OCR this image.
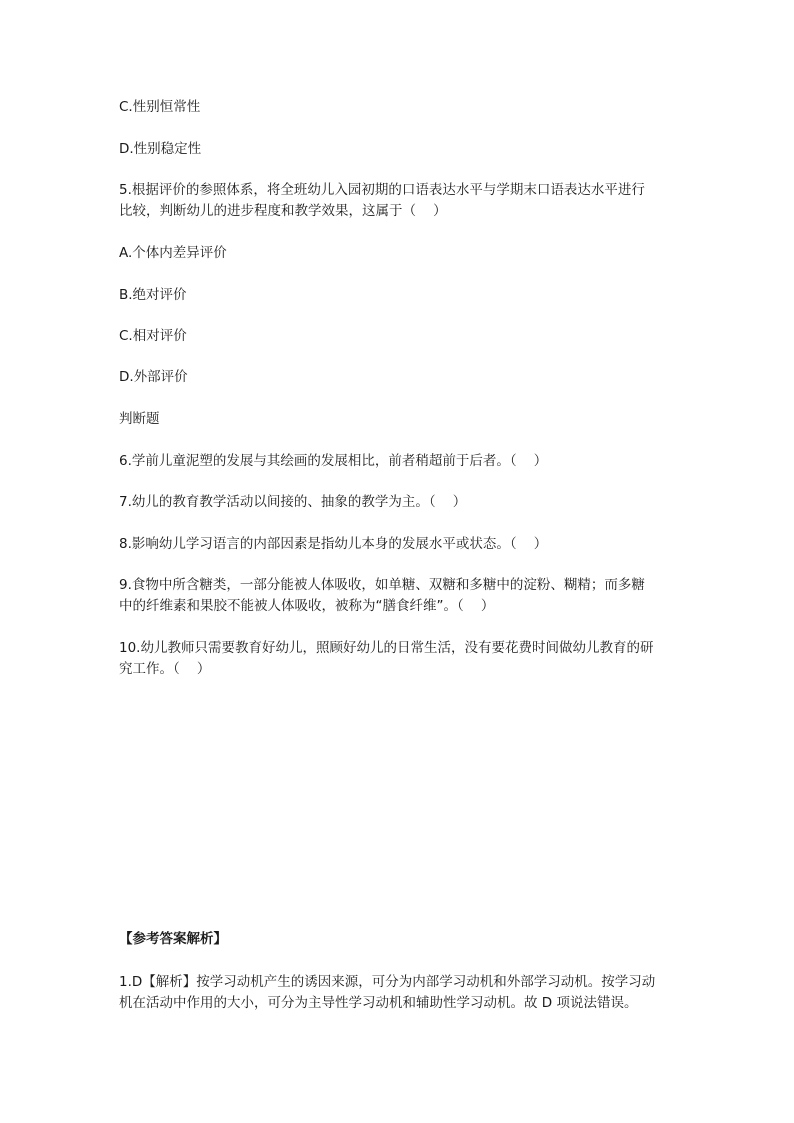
C.性别恒常性

D.性别稳定性

5.根据评价的参照体系，将全班幼儿入园初期的口语表达水平与学期末口语表达水平进行

比较，判断幼儿的进步程度和教学效果，这属于（    ）

A.个体内差异评价

B.绝对评价

C.相对评价

D.外部评价

判断题

6.学前儿童泥塑的发展与其绘画的发展相比，前者稍超前于后者。（    ）

7.幼儿的教育教学活动以间接的、抽象的教学为主。（    ）

8.影响幼儿学习语言的内部因素是指幼儿本身的发展水平或状态。（    ）

9.食物中所含糖类，一部分能被人体吸收，如单糖、双糖和多糖中的淀粉、糊精；而多糖

中的纤维素和果胶不能被人体吸收，被称为“膳食纤维”。（    ）

10.幼儿教师只需要教育好幼儿，照顾好幼儿的日常生活，没有要花费时间做幼儿教育的研

究工作。（    ）

【参考答案解析】

1.D【解析】按学习动机产生的诱因来源，可分为内部学习动机和外部学习动机。按学习动

机在活动中作用的大小，可分为主导性学习动机和辅助性学习动机。故 D 项说法错误。
